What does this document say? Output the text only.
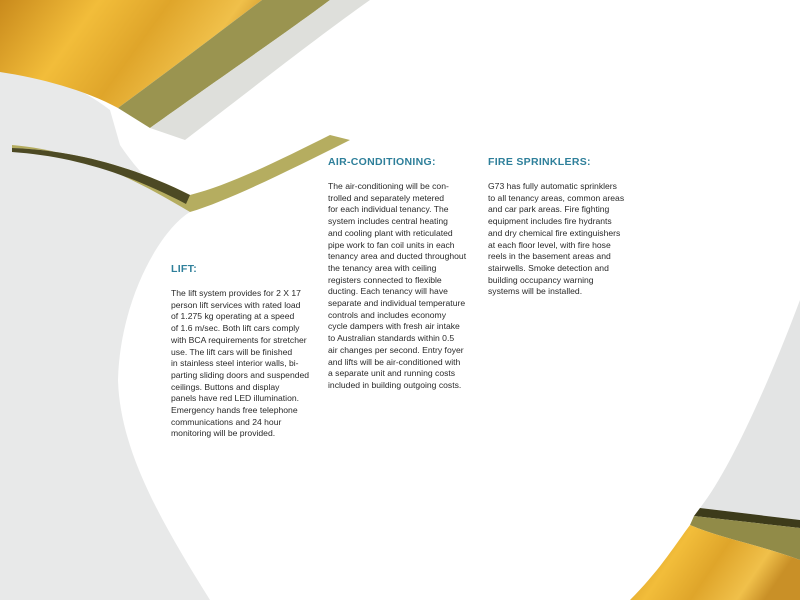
LIFT:
The lift system provides for 2 X 17
person lift services with rated load
of 1.275 kg operating at a speed
of 1.6 m/sec. Both lift cars comply
with BCA requirements for stretcher
use. The lift cars will be finished
in stainless steel interior walls, bi-
parting sliding doors and suspended
ceilings. Buttons and display
panels have red LED illumination.
Emergency hands free telephone
communications and 24 hour
monitoring will be provided.
AIR-CONDITIONING:
The air-conditioning will be con-
trolled and separately metered
for each individual tenancy. The
system includes central heating
and cooling plant with reticulated
pipe work to fan coil units in each
tenancy area and ducted throughout
the tenancy area with ceiling
registers connected to flexible
ducting. Each tenancy will have
separate and individual temperature
controls and includes economy
cycle dampers with fresh air intake
to Australian standards within 0.5
air changes per second. Entry foyer
and lifts will be air-conditioned with
a separate unit and running costs
included in building outgoing costs.
FIRE SPRINKLERS:
G73 has fully automatic sprinklers
to all tenancy areas, common areas
and car park areas. Fire fighting
equipment includes fire hydrants
and dry chemical fire extinguishers
at each floor level, with fire hose
reels in the basement areas and
stairwells. Smoke detection and
building occupancy warning
systems will be installed.
